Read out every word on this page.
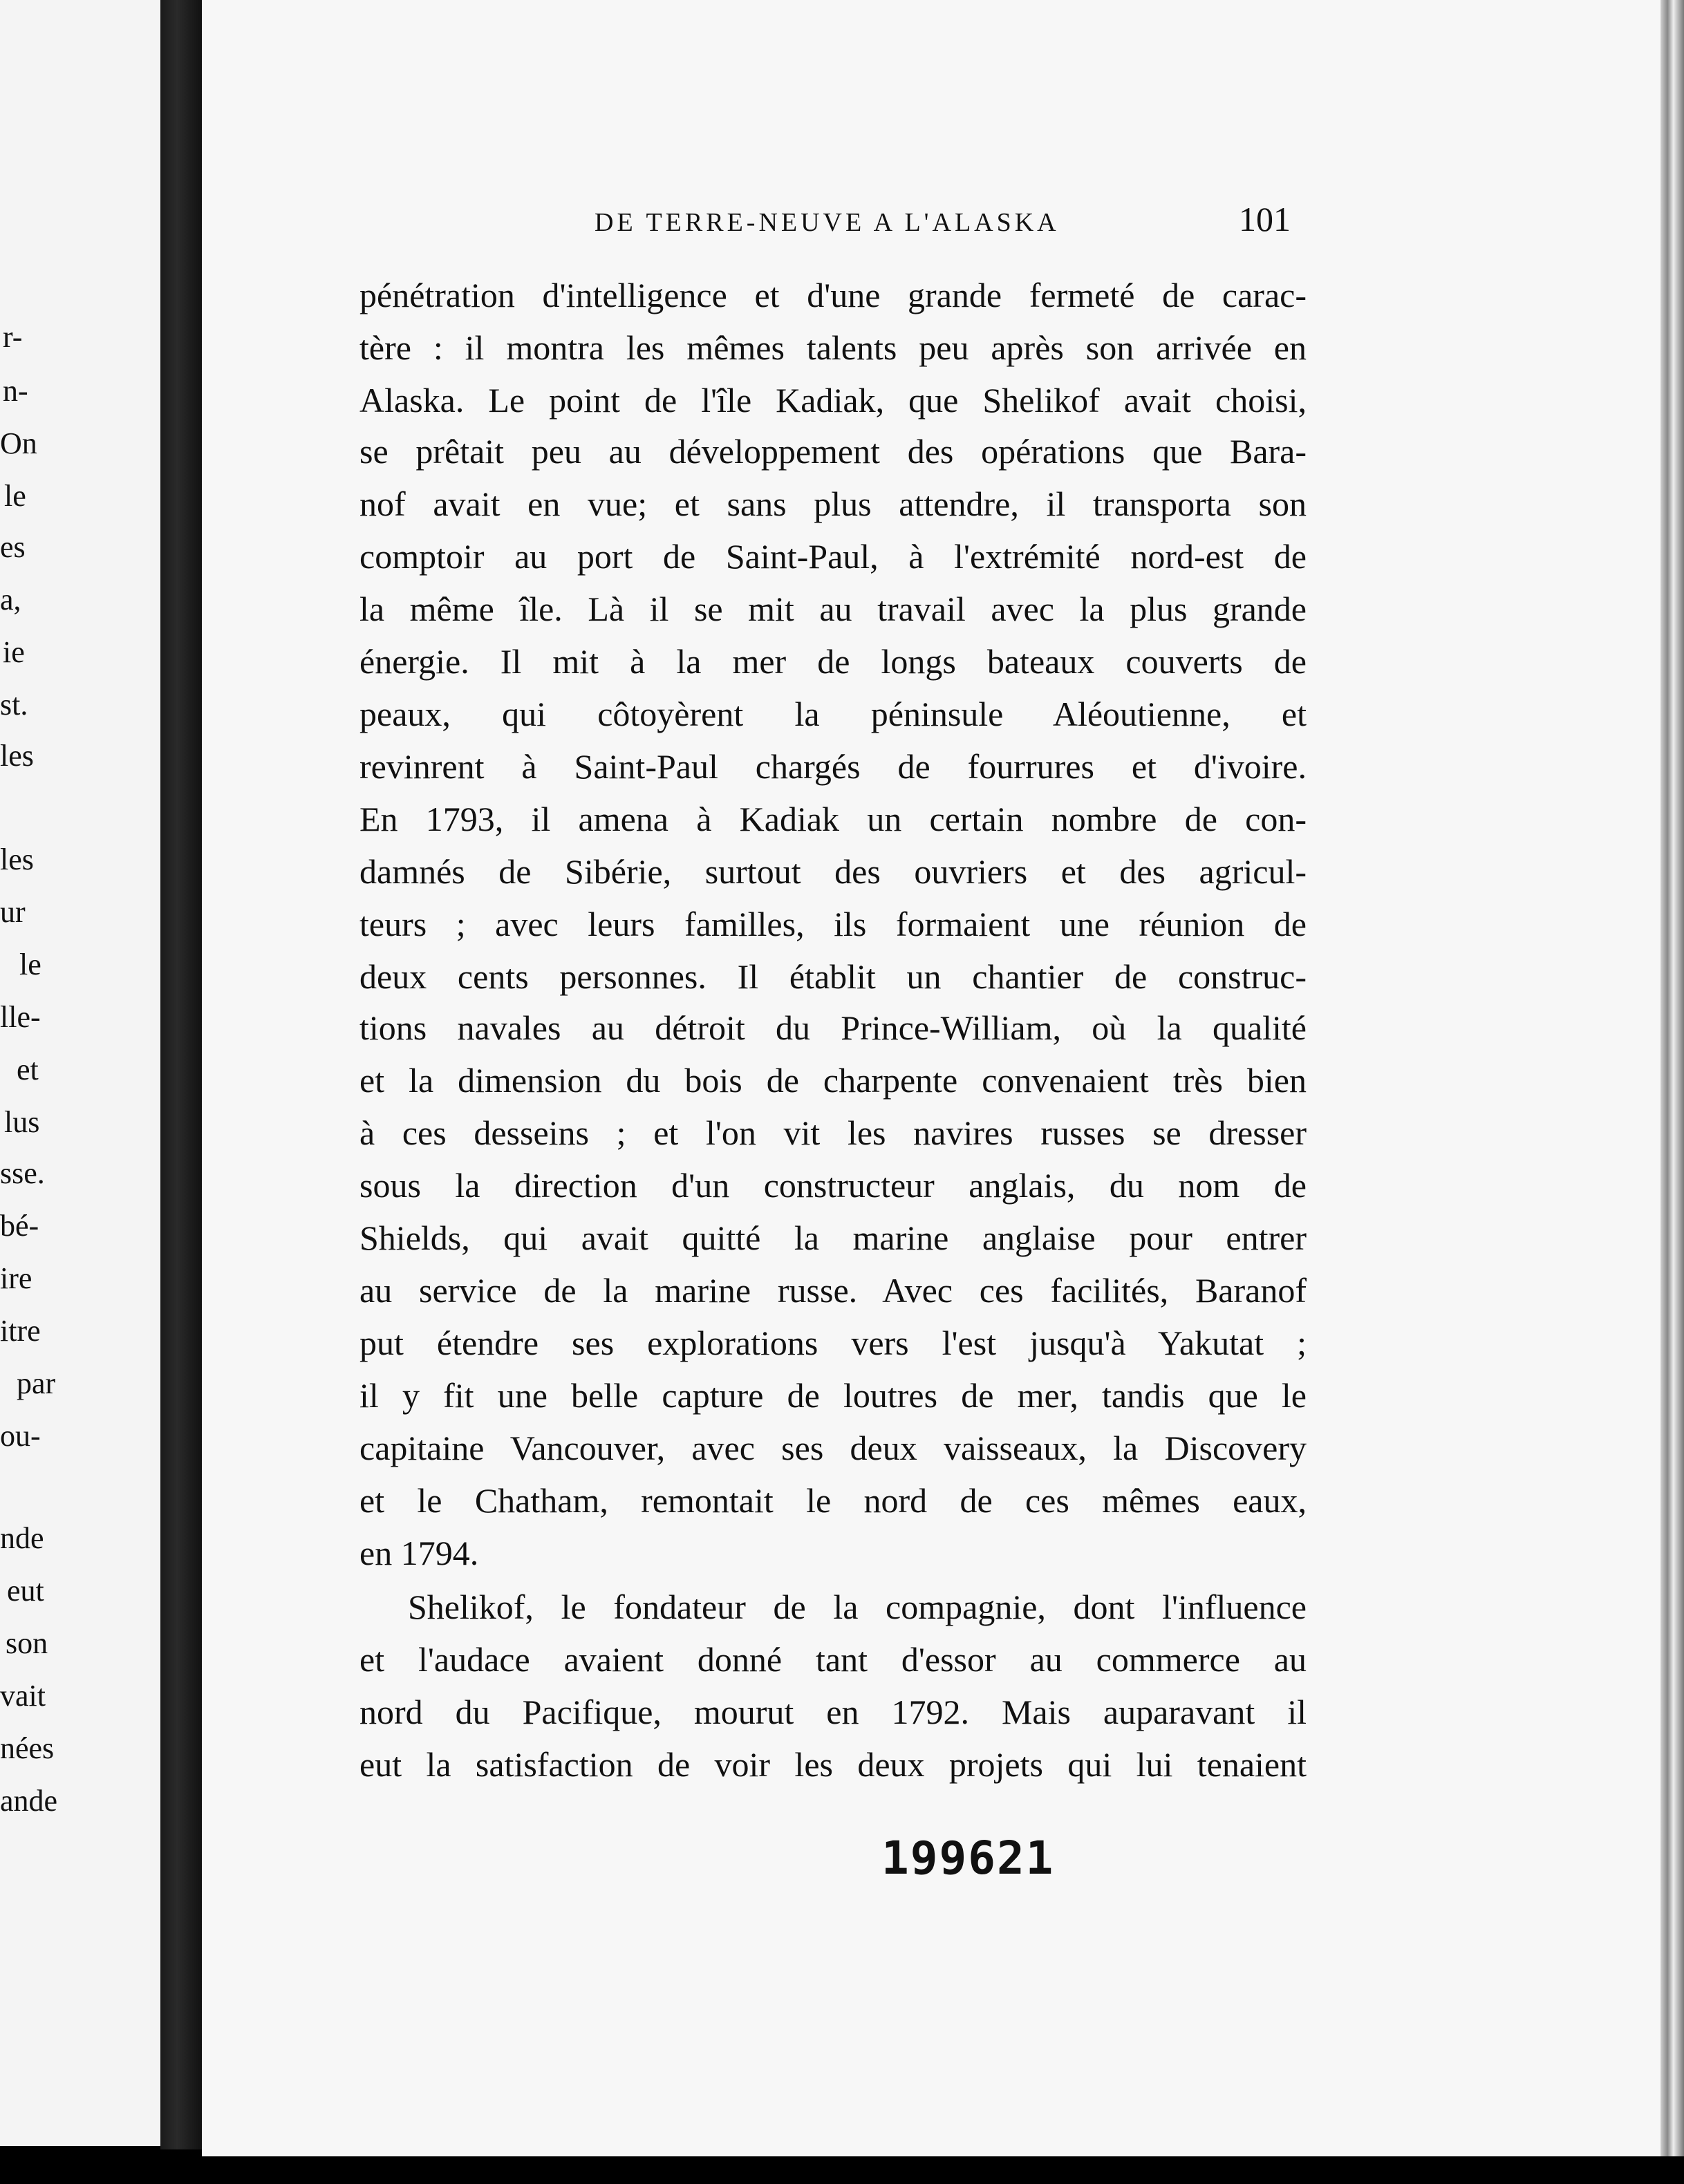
r-
n-
On
le
es
a,
ie
st.
les
les
ur
le
lle-
et
lus
sse.
bé-
ire
itre
par
ou-
nde
eut
son
vait
nées
ande
DE TERRE-NEUVE A L'ALASKA	101
pénétration d'intelligence et d'une grande fermeté de carac-
tère : il montra les mêmes talents peu après son arrivée en
Alaska. Le point de l'île Kadiak, que Shelikof avait choisi,
se prêtait peu au développement des opérations que Bara-
nof avait en vue; et sans plus attendre, il transporta son
comptoir au port de Saint-Paul, à l'extrémité nord-est de
la même île. Là il se mit au travail avec la plus grande
énergie. Il mit à la mer de longs bateaux couverts de
peaux, qui côtoyèrent la péninsule Aléoutienne, et
revinrent à Saint-Paul chargés de fourrures et d'ivoire.
En 1793, il amena à Kadiak un certain nombre de con-
damnés de Sibérie, surtout des ouvriers et des agricul-
teurs ; avec leurs familles, ils formaient une réunion de
deux cents personnes. Il établit un chantier de construc-
tions navales au détroit du Prince-William, où la qualité
et la dimension du bois de charpente convenaient très bien
à ces desseins ; et l'on vit les navires russes se dresser
sous la direction d'un constructeur anglais, du nom de
Shields, qui avait quitté la marine anglaise pour entrer
au service de la marine russe. Avec ces facilités, Baranof
put étendre ses explorations vers l'est jusqu'à Yakutat ;
il y fit une belle capture de loutres de mer, tandis que le
capitaine Vancouver, avec ses deux vaisseaux, la Discovery
et le Chatham, remontait le nord de ces mêmes eaux,
en 1794.
Shelikof, le fondateur de la compagnie, dont l'influence
et l'audace avaient donné tant d'essor au commerce au
nord du Pacifique, mourut en 1792. Mais auparavant il
eut la satisfaction de voir les deux projets qui lui tenaient
199621
